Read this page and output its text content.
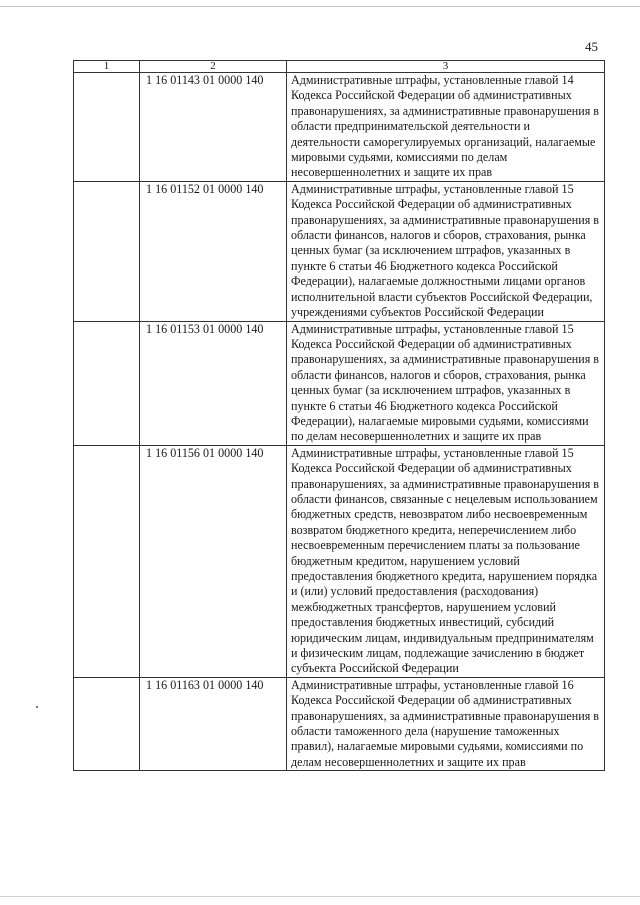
45
1	2	3
	1 16 01143 01 0000 140	Административные штрафы, установленные главой 14 Кодекса Российской Федерации об административных правонарушениях, за административные правонарушения в области предпринимательской деятельности и деятельности саморегулируемых организаций, налагаемые мировыми судьями, комиссиями по делам несовершеннолетних и защите их прав
	1 16 01152 01 0000 140	Административные штрафы, установленные главой 15 Кодекса Российской Федерации об административных правонарушениях, за административные правонарушения в области финансов, налогов и сборов, страхования, рынка ценных бумаг (за исключением штрафов, указанных в пункте 6 статьи 46 Бюджетного кодекса Российской Федерации), налагаемые должностными лицами органов исполнительной власти субъектов Российской Федерации, учреждениями субъектов Российской Федерации
	1 16 01153 01 0000 140	Административные штрафы, установленные главой 15 Кодекса Российской Федерации об административных правонарушениях, за административные правонарушения в области финансов, налогов и сборов, страхования, рынка ценных бумаг (за исключением штрафов, указанных в пункте 6 статьи 46 Бюджетного кодекса Российской Федерации), налагаемые мировыми судьями, комиссиями по делам несовершеннолетних и защите их прав
	1 16 01156 01 0000 140	Административные штрафы, установленные главой 15 Кодекса Российской Федерации об административных правонарушениях, за административные правонарушения в области финансов, связанные с нецелевым использованием бюджетных средств, невозвратом либо несвоевременным возвратом бюджетного кредита, неперечислением либо несвоевременным перечислением платы за пользование бюджетным кредитом, нарушением условий предоставления бюджетного кредита, нарушением порядка и (или) условий предоставления (расходования) межбюджетных трансфертов, нарушением условий предоставления бюджетных инвестиций, субсидий юридическим лицам, индивидуальным предпринимателям и физическим лицам, подлежащие зачислению в бюджет субъекта Российской Федерации
	1 16 01163 01 0000 140	Административные штрафы, установленные главой 16 Кодекса Российской Федерации об административных правонарушениях, за административные правонарушения в области таможенного дела (нарушение таможенных правил), налагаемые мировыми судьями, комиссиями по делам несовершеннолетних и защите их прав
